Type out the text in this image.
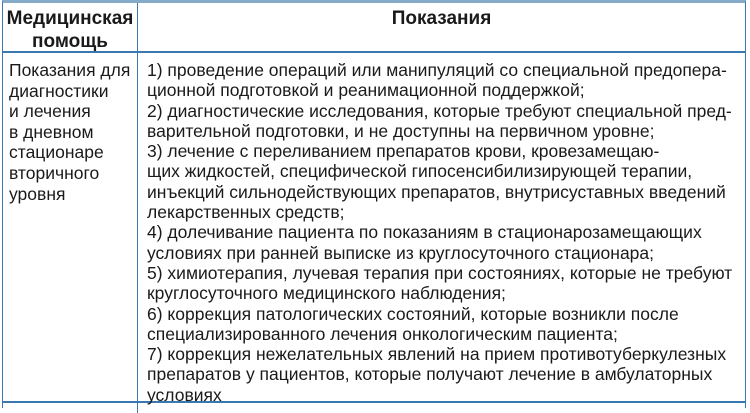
Медицинская
помощь
Показания
Показания для
диагностики
и лечения
в дневном
стационаре
вторичного
уровня
1) проведение операций или манипуляций со специальной предопера-
ционной подготовкой и реанимационной поддержкой;
2) диагностические исследования, которые требуют специальной пред-
варительной подготовки, и не доступны на первичном уровне;
3) лечение с переливанием препаратов крови, кровезамещаю-
щих жидкостей, специфической гипосенсибилизирующей терапии,
инъекций сильнодействующих препаратов, внутрисуставных введений
лекарственных средств;
4) долечивание пациента по показаниям в стационарозамещающих
условиях при ранней выписке из круглосуточного стационара;
5) химиотерапия, лучевая терапия при состояниях, которые не требуют
круглосуточного медицинского наблюдения;
6) коррекция патологических состояний, которые возникли после
специализированного лечения онкологическим пациента;
7) коррекция нежелательных явлений на прием противотуберкулезных
препаратов у пациентов, которые получают лечение в амбулаторных
условиях
